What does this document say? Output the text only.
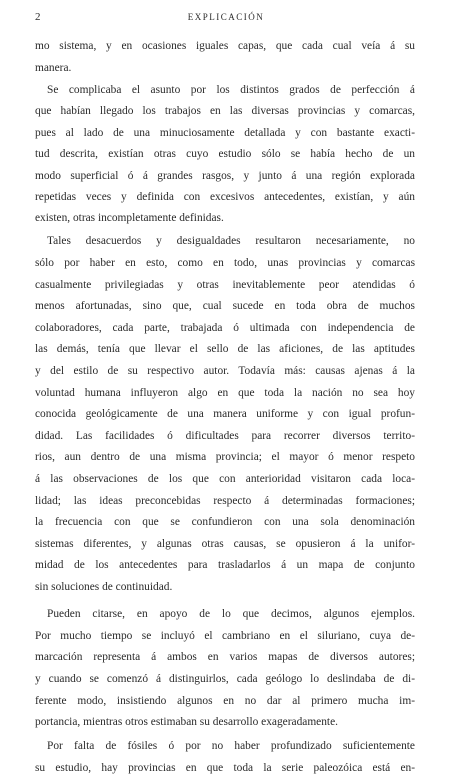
2	EXPLICACIÓN
mo sistema, y en ocasiones iguales capas, que cada cual veía á su
manera.
Se complicaba el asunto por los distintos grados de perfección á
que habían llegado los trabajos en las diversas provincias y comarcas,
pues al lado de una minuciosamente detallada y con bastante exacti-
tud descrita, existían otras cuyo estudio sólo se había hecho de un
modo superficial ó á grandes rasgos, y junto á una región explorada
repetidas veces y definida con excesivos antecedentes, existían, y aún
existen, otras incompletamente definidas.
Tales desacuerdos y desigualdades resultaron necesariamente, no
sólo por haber en esto, como en todo, unas provincias y comarcas
casualmente privilegiadas y otras inevitablemente peor atendidas ó
menos afortunadas, sino que, cual sucede en toda obra de muchos
colaboradores, cada parte, trabajada ó ultimada con independencia de
las demás, tenía que llevar el sello de las aficiones, de las aptitudes
y del estilo de su respectivo autor. Todavía más: causas ajenas á la
voluntad humana influyeron algo en que toda la nación no sea hoy
conocida geológicamente de una manera uniforme y con igual profun-
didad. Las facilidades ó dificultades para recorrer diversos territo-
rios, aun dentro de una misma provincia; el mayor ó menor respeto
á las observaciones de los que con anterioridad visitaron cada loca-
lidad; las ideas preconcebidas respecto á determinadas formaciones;
la frecuencia con que se confundieron con una sola denominación
sistemas diferentes, y algunas otras causas, se opusieron á la unifor-
midad de los antecedentes para trasladarlos á un mapa de conjunto
sin soluciones de continuidad.
Pueden citarse, en apoyo de lo que decimos, algunos ejemplos.
Por mucho tiempo se incluyó el cambriano en el siluriano, cuya de-
marcación representa á ambos en varios mapas de diversos autores;
y cuando se comenzó á distinguirlos, cada geólogo lo deslindaba de di-
ferente modo, insistiendo algunos en no dar al primero mucha im-
portancia, mientras otros estimaban su desarrollo exageradamente.
Por falta de fósiles ó por no haber profundizado suficientemente
su estudio, hay provincias en que toda la serie paleozóica está en-
